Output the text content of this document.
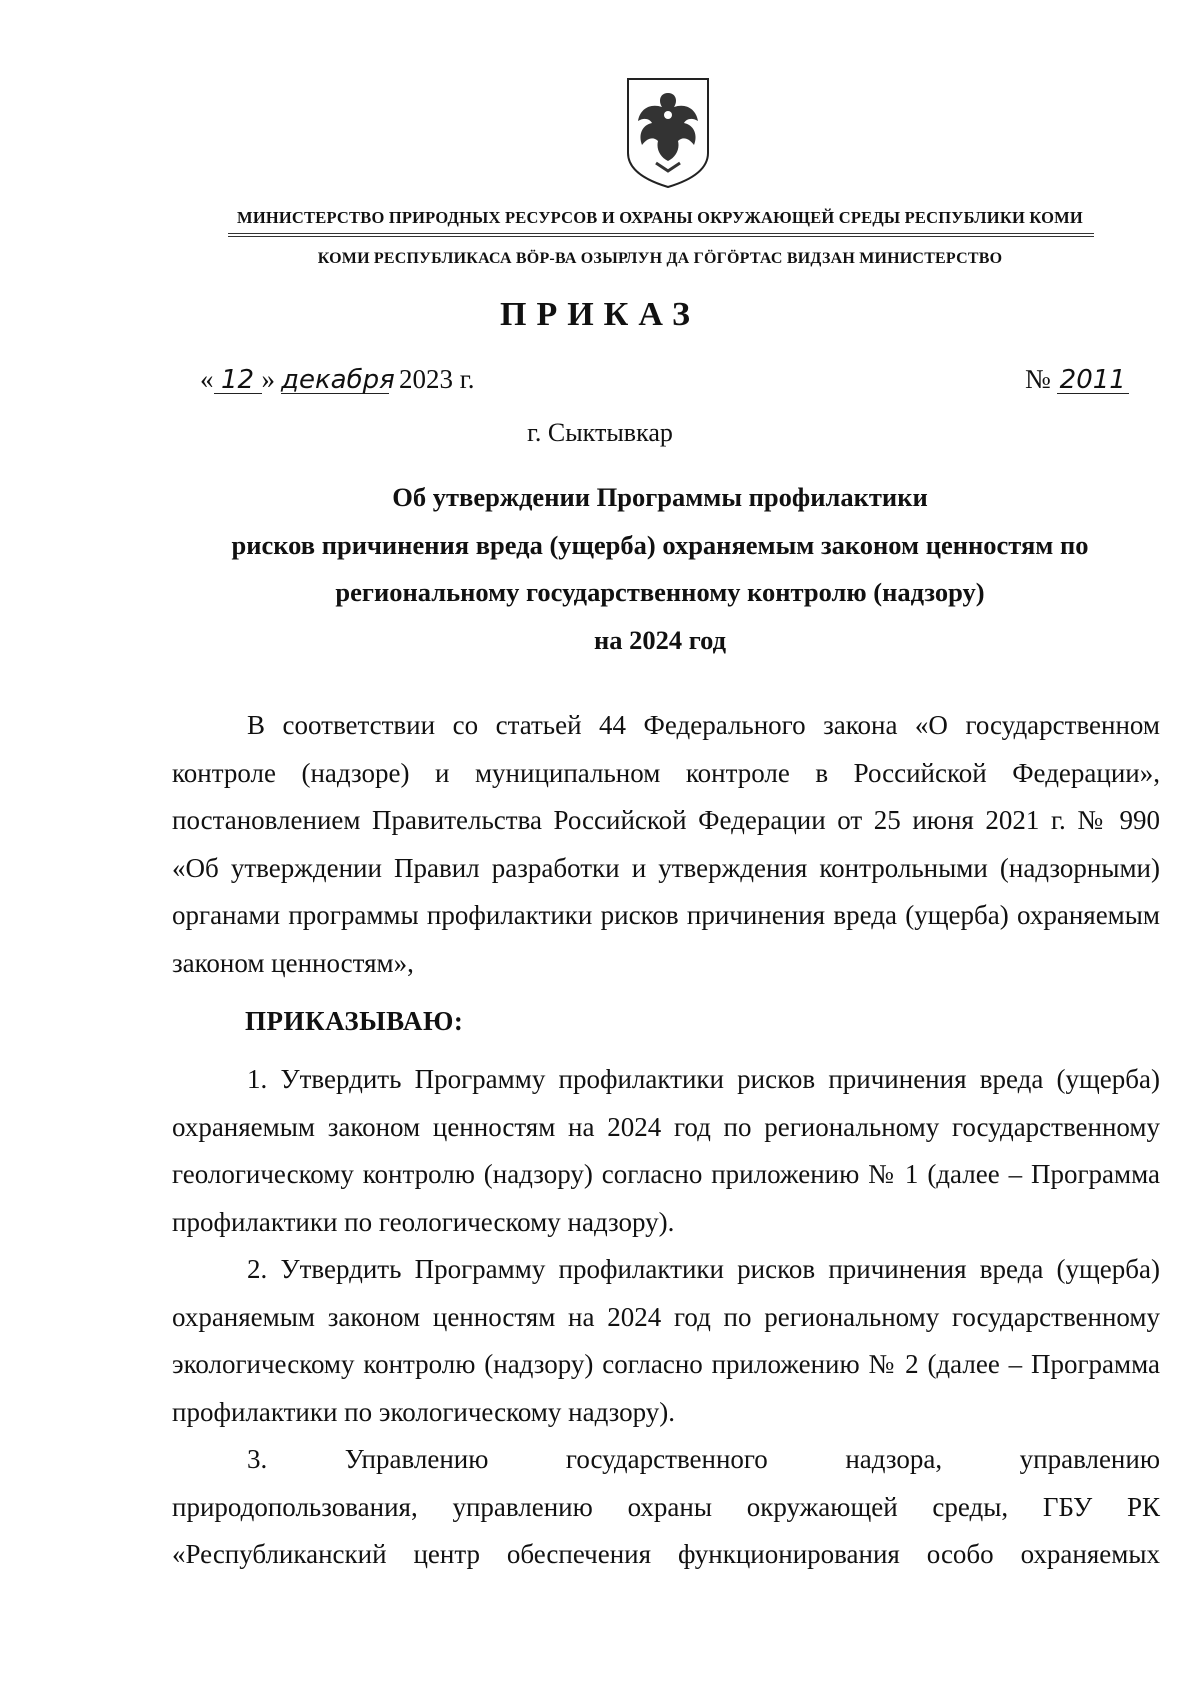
МИНИСТЕРСТВО ПРИРОДНЫХ РЕСУРСОВ И ОХРАНЫ ОКРУЖАЮЩЕЙ СРЕДЫ РЕСПУБЛИКИ КОМИ
КОМИ РЕСПУБЛИКАСА ВӦР-ВА ОЗЫРЛУН ДА ГӦГӦРТАС ВИДЗАН МИНИСТЕРСТВО
ПРИКАЗ
« 12 » декабря 2023 г.	№ 2011
г. Сыктывкар
Об утверждении Программы профилактики
рисков причинения вреда (ущерба) охраняемым законом ценностям по
региональному государственному контролю (надзору)
на 2024 год

В соответствии со статьей 44 Федерального закона «О государственном контроле (надзоре) и муниципальном контроле в Российской Федерации», постановлением Правительства Российской Федерации от 25 июня 2021 г. № 990 «Об утверждении Правил разработки и утверждения контрольными (надзорными) органами программы профилактики рисков причинения вреда (ущерба) охраняемым законом ценностям»,

ПРИКАЗЫВАЮ:

1. Утвердить Программу профилактики рисков причинения вреда (ущерба) охраняемым законом ценностям на 2024 год по региональному государственному геологическому контролю (надзору) согласно приложению № 1 (далее – Программа профилактики по геологическому надзору).

2. Утвердить Программу профилактики рисков причинения вреда (ущерба) охраняемым законом ценностям на 2024 год по региональному государственному экологическому контролю (надзору) согласно приложению № 2 (далее – Программа профилактики по экологическому надзору).

3. Управлению государственного надзора, управлению

природопользования, управлению охраны окружающей среды, ГБУ РК «Республиканский центр обеспечения функционирования особо охраняемых
